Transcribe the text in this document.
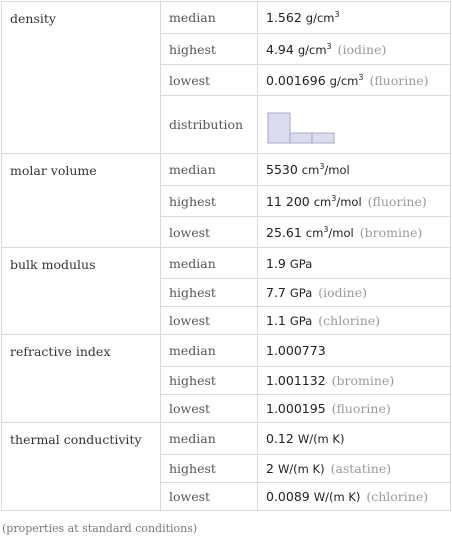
density	median	1.562 $g/cm^3$
	highest	4.94 $g/cm^3$ (iodine)
	lowest	0.001696 $g/cm^3$ (fluorine)
	distribution	

molar volume	median	5530 $cm^3$/mol
	highest	11 200 $cm^3$/mol (fluorine)
	lowest	25.61 $cm^3$/mol (bromine)
bulk modulus	median	1.9 GPa
	highest	7.7 GPa (iodine)
	lowest	1.1 GPa (chlorine)
refractive index	median	1.000773
	highest	1.001132 (bromine)
	lowest	1.000195 (fluorine)
thermal conductivity	median	0.12 W/(m K)
	highest	2 W/(m K) (astatine)
	lowest	0.0089 W/(m K) (chlorine)
(properties at standard conditions)
